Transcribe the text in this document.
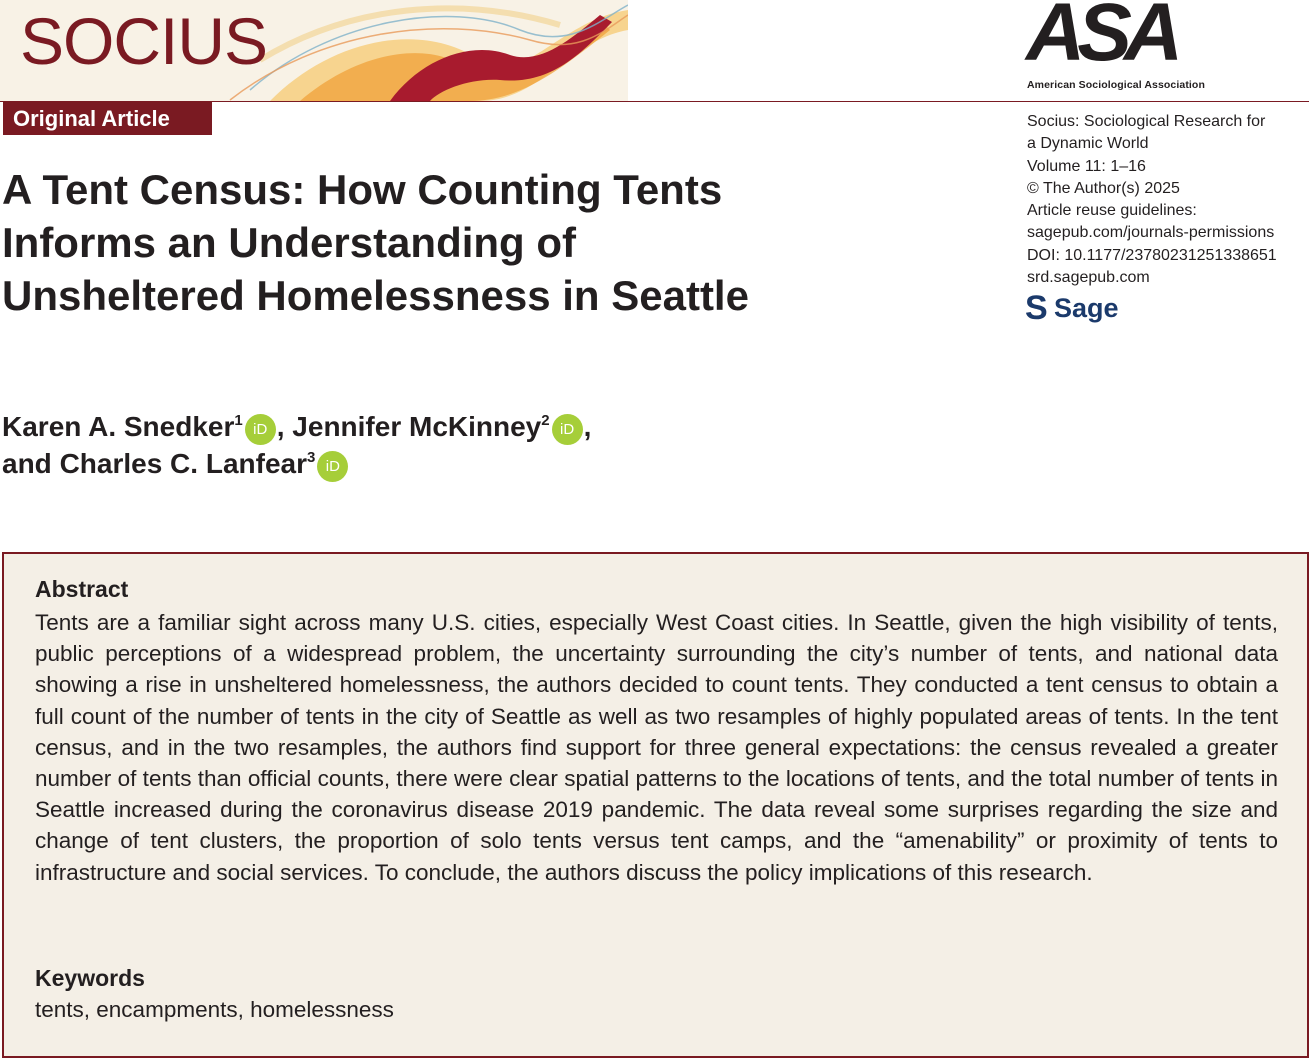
SOCIUS
Original Article
ASA
American Sociological Association
Socius: Sociological Research for
a Dynamic World
Volume 11: 1–16
© The Author(s) 2025
Article reuse guidelines:
sagepub.com/journals-permissions
DOI: 10.1177/23780231251338651
srd.sagepub.com
S Sage
A Tent Census: How Counting Tents
Informs an Understanding of
Unsheltered Homelessness in Seattle
Karen A. Snedker$^1$iD , Jennifer McKinney$^2$iD ,
and Charles C. Lanfear$^3$iD
Abstract

Tents are a familiar sight across many U.S. cities, especially West Coast cities. In Seattle, given the high visibility of tents, public perceptions of a widespread problem, the uncertainty surrounding the city’s number of tents, and national data showing a rise in unsheltered homelessness, the authors decided to count tents. They conducted a tent census to obtain a full count of the number of tents in the city of Seattle as well as two resamples of highly populated areas of tents. In the tent census, and in the two resamples, the authors find support for three general expectations: the census revealed a greater number of tents than official counts, there were clear spatial patterns to the locations of tents, and the total number of tents in Seattle increased during the coronavirus disease 2019 pandemic. The data reveal some surprises regarding the size and change of tent clusters, the proportion of solo tents versus tent camps, and the “amenability” or proximity of tents to infrastructure and social services. To conclude, the authors discuss the policy implications of this research.

Keywords
tents, encampments, homelessness
